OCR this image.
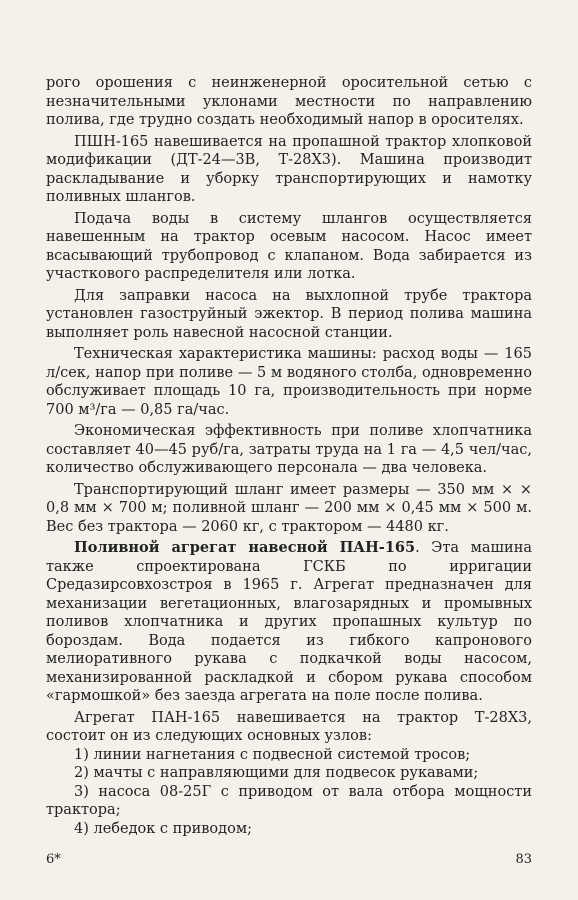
рого орошения с неинженерной оросительной сетью с незначительными уклонами местности по направлению полива, где трудно создать необходимый напор в оросителях.

ПШН-165 навешивается на пропашной трактор хлопковой модификации (ДТ-24—3В, Т-28Х3). Машина производит раскладывание и уборку транспортирующих и намотку поливных шлангов.

Подача воды в систему шлангов осуществляется навешенным на трактор осевым насосом. Насос имеет всасывающий трубопровод с клапаном. Вода забирается из участкового распределителя или лотка.

Для заправки насоса на выхлопной трубе трактора установлен газоструйный эжектор. В период полива машина выполняет роль навесной насосной станции.

Техническая характеристика машины: расход воды — 165 л/сек, напор при поливе — 5 м водяного столба, одновременно обслуживает площадь 10 га, производительность при норме 700 м³/га — 0,85 га/час.

Экономическая эффективность при поливе хлопчатника составляет 40—45 руб/га, затраты труда на 1 га — 4,5 чел/час, количество обслуживающего персонала — два человека.

Транспортирующий шланг имеет размеры — 350 мм × × 0,8 мм × 700 м; поливной шланг — 200 мм × 0,45 мм × 500 м. Вес без трактора — 2060 кг, с трактором — 4480 кг.

Поливной агрегат навесной ПАН-165. Эта машина также спроектирована ГСКБ по ирригации Средазирсовхозстроя в 1965 г. Агрегат предназначен для механизации вегетационных, влагозарядных и промывных поливов хлопчатника и других пропашных культур по бороздам. Вода подается из гибкого капронового мелиоративного рукава с подкачкой воды насосом, механизированной раскладкой и сбором рукава способом «гармошкой» без заезда агрегата на поле после полива.

Агрегат ПАН-165 навешивается на трактор Т-28Х3, состоит он из следующих основных узлов:

1) линии нагнетания с подвесной системой тросов;

2) мачты с направляющими для подвесок рукавами;

3) насоса 08-25Г с приводом от вала отбора мощности трактора;

4) лебедок с приводом;

6*	83
